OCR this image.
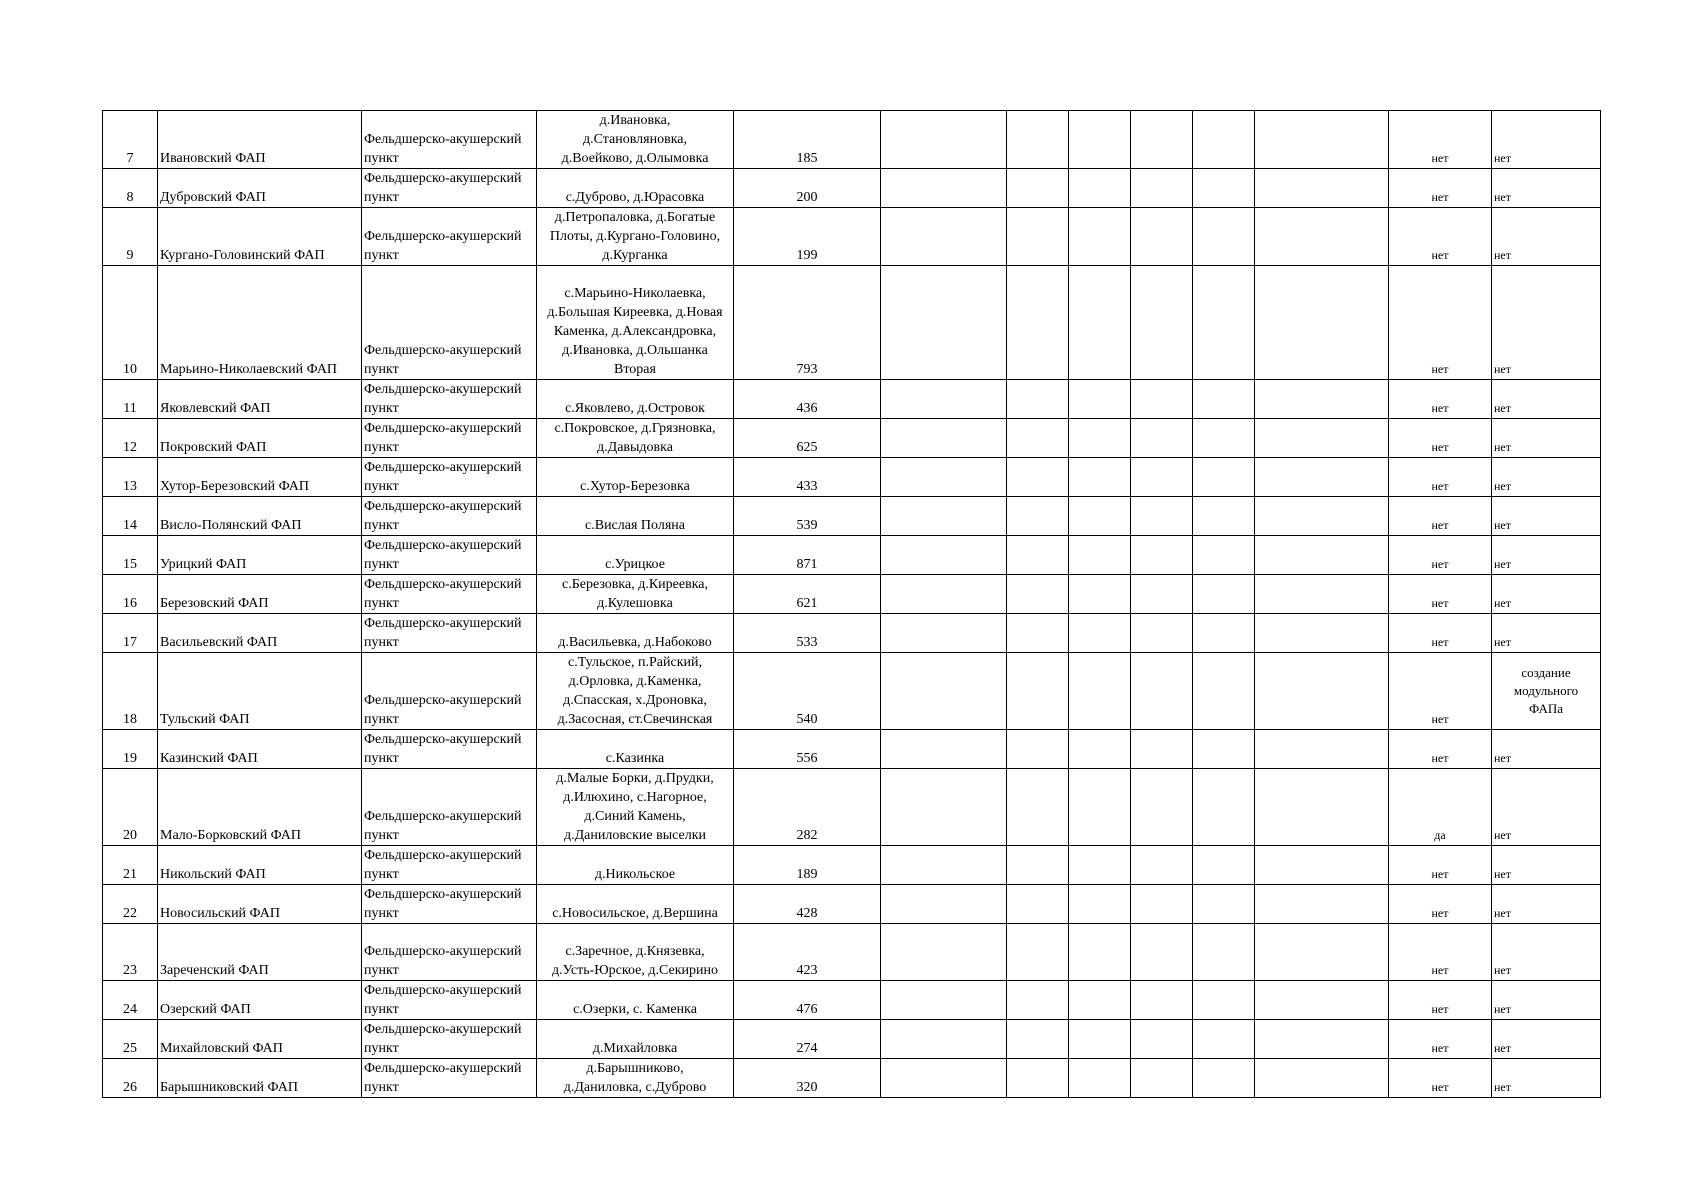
7	Ивановский ФАП	Фельдшерско-акушерский пункт	д.Ивановка,
д.Становляновка,
д.Воейково, д.Олымовка	185							нет	нет

8	Дубровский ФАП	Фельдшерско-акушерский пункт	с.Дуброво, д.Юрасовка	200							нет	нет

9	Кургано-Головинский ФАП	Фельдшерско-акушерский пункт	д.Петропаловка, д.Богатые
Плоты, д.Кургано-Головино,
д.Курганка	199							нет	нет

10	Марьино-Николаевский ФАП	Фельдшерско-акушерский пункт	с.Марьино-Николаевка,
д.Большая Киреевка, д.Новая
Каменка, д.Александровка,
д.Ивановка, д.Ольшанка
Вторая	793							нет	нет

11	Яковлевский ФАП	Фельдшерско-акушерский пункт	с.Яковлево, д.Островок	436							нет	нет

12	Покровский ФАП	Фельдшерско-акушерский пункт	с.Покровское, д.Грязновка,
д.Давыдовка	625							нет	нет

13	Хутор-Березовский ФАП	Фельдшерско-акушерский пункт	с.Хутор-Березовка	433							нет	нет

14	Висло-Полянский ФАП	Фельдшерско-акушерский пункт	с.Вислая Поляна	539							нет	нет

15	Урицкий ФАП	Фельдшерско-акушерский пункт	с.Урицкое	871							нет	нет

16	Березовский ФАП	Фельдшерско-акушерский пункт	с.Березовка, д.Киреевка,
д.Кулешовка	621							нет	нет

17	Васильевский ФАП	Фельдшерско-акушерский пункт	д.Васильевка, д.Набоково	533							нет	нет

18	Тульский ФАП	Фельдшерско-акушерский пункт	с.Тульское, п.Райский,
д.Орловка, д.Каменка,
д.Спасская, х.Дроновка,
д.Засосная, ст.Свечинская	540							нет	создание
модульного
ФАПа

19	Казинский ФАП	Фельдшерско-акушерский пункт	с.Казинка	556							нет	нет

20	Мало-Борковский ФАП	Фельдшерско-акушерский пункт	д.Малые Борки, д.Прудки,
д.Илюхино, с.Нагорное,
д.Синий Камень,
д.Даниловские выселки	282							да	нет

21	Никольский ФАП	Фельдшерско-акушерский пункт	д.Никольское	189							нет	нет

22	Новосильский ФАП	Фельдшерско-акушерский пункт	с.Новосильское, д.Вершина	428							нет	нет

23	Зареченский ФАП	Фельдшерско-акушерский пункт	с.Заречное, д.Князевка,
д.Усть-Юрское, д.Секирино	423							нет	нет

24	Озерский ФАП	Фельдшерско-акушерский пункт	с.Озерки, с. Каменка	476							нет	нет

25	Михайловский ФАП	Фельдшерско-акушерский пункт	д.Михайловка	274							нет	нет

26	Барышниковский ФАП	Фельдшерско-акушерский пункт	д.Барышниково,
д.Даниловка, с.Дуброво	320							нет	нет
